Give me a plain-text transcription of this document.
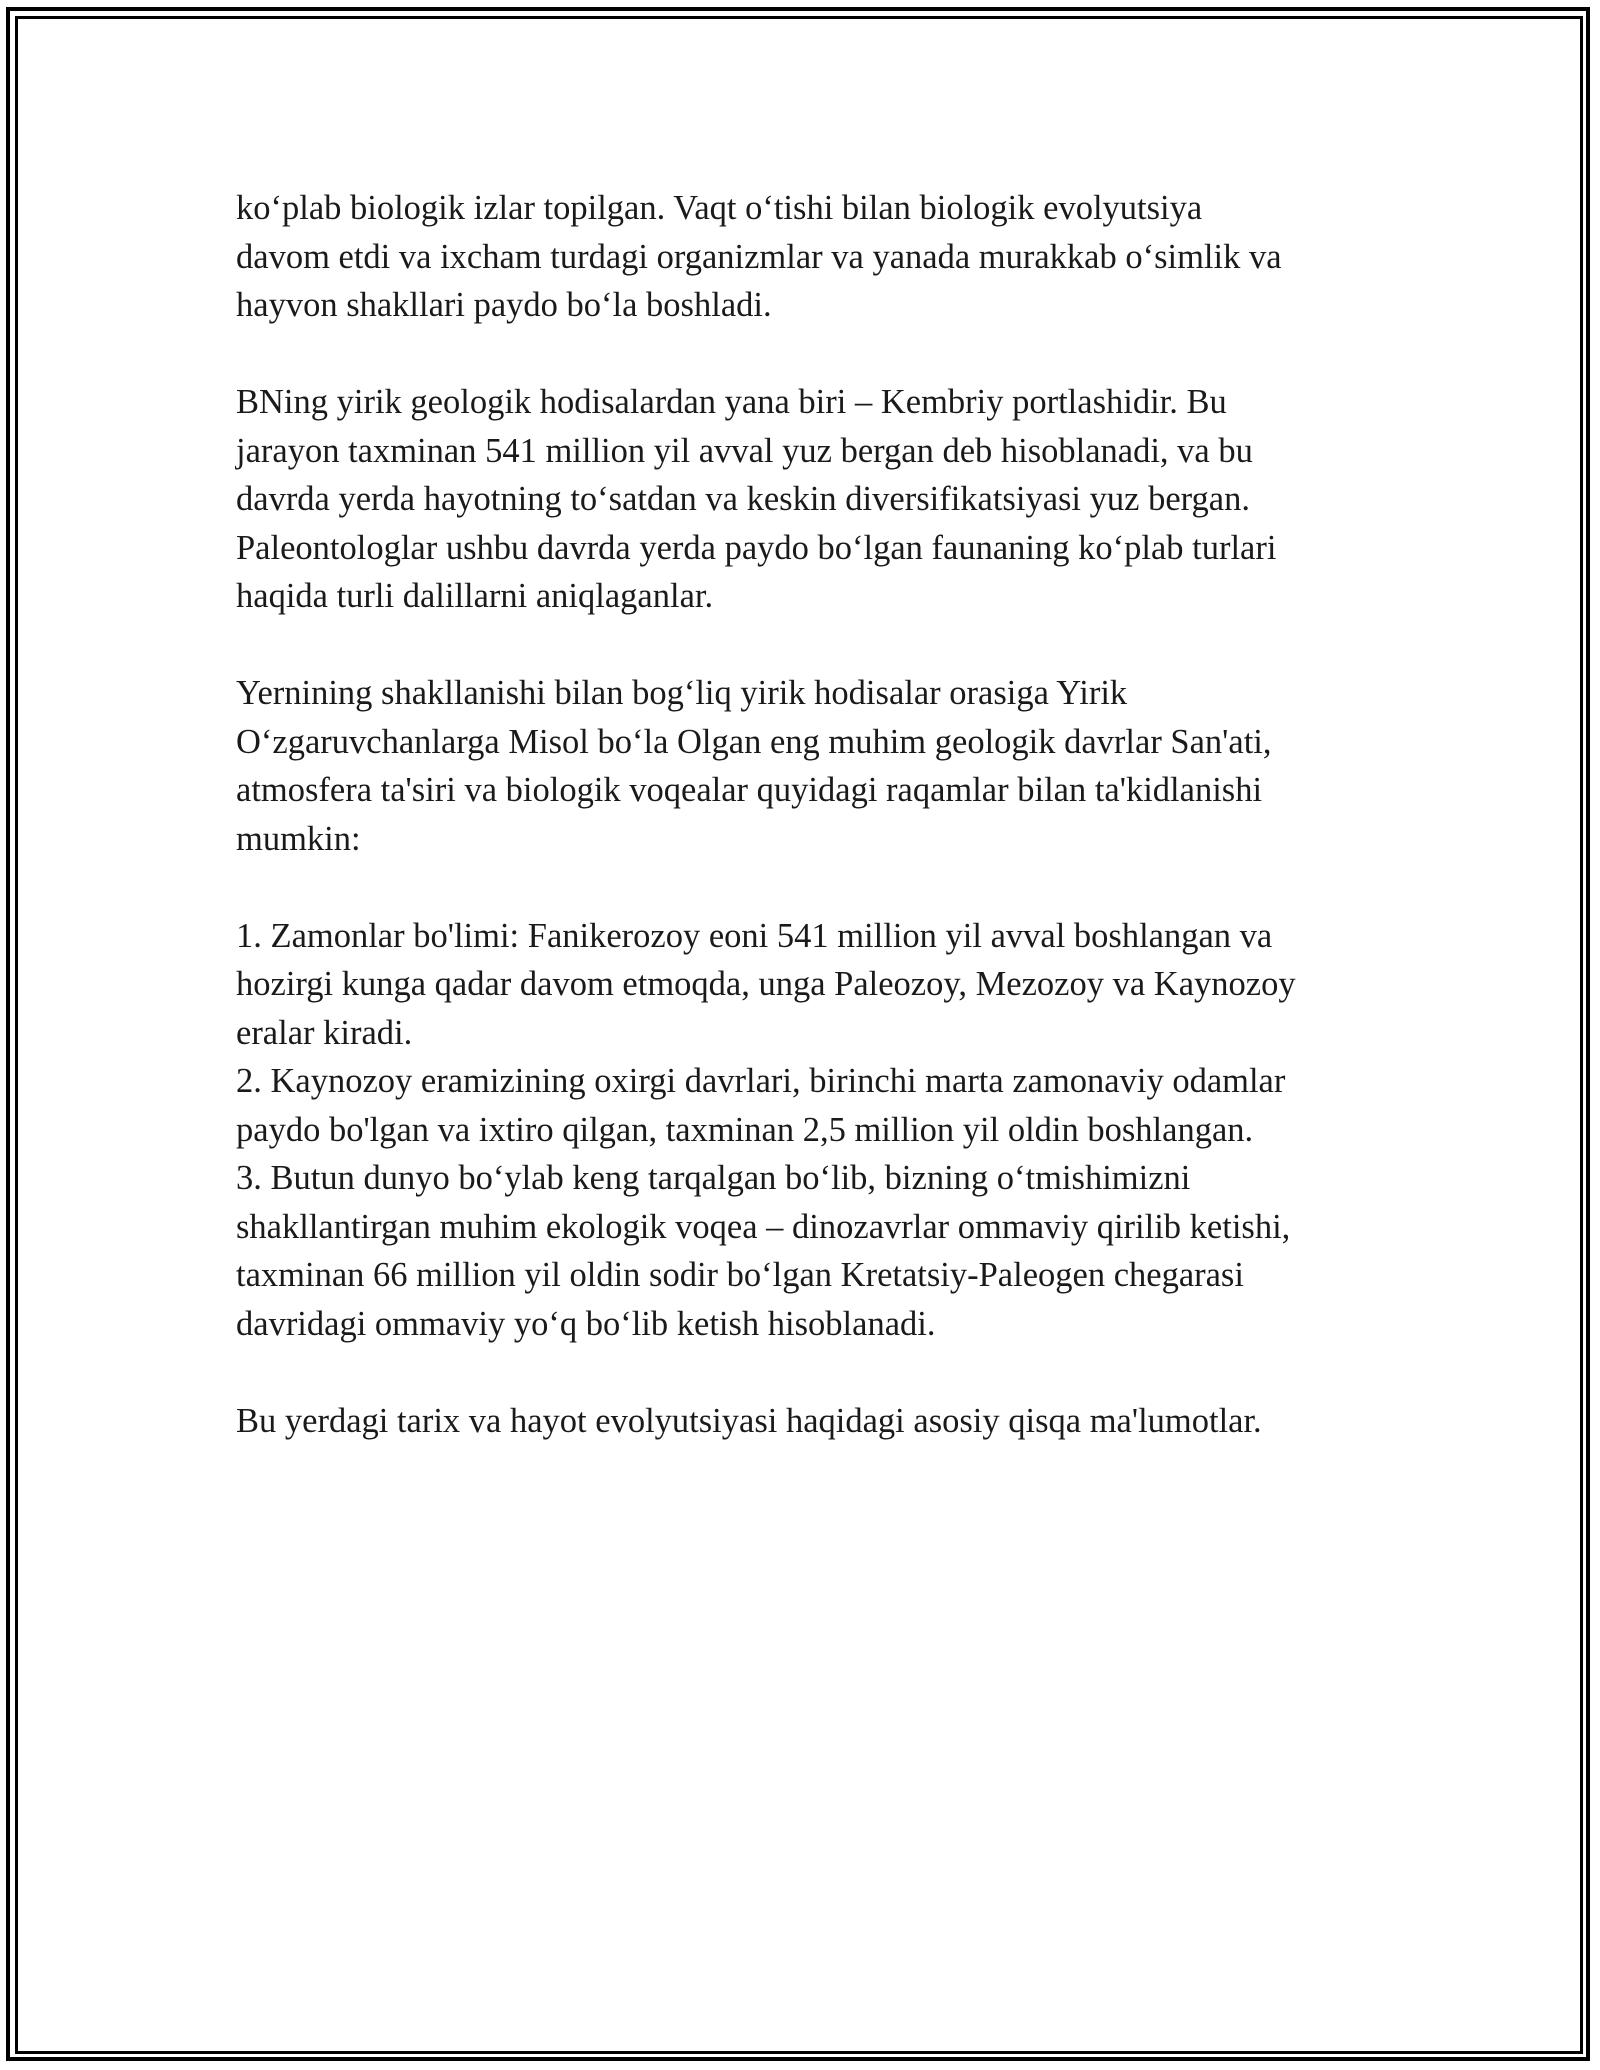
ko‘plab biologik izlar topilgan. Vaqt o‘tishi bilan biologik evolyutsiya
davom etdi va ixcham turdagi organizmlar va yanada murakkab o‘simlik va
hayvon shakllari paydo bo‘la boshladi.

BNing yirik geologik hodisalardan yana biri – Kembriy portlashidir. Bu
jarayon taxminan 541 million yil avval yuz bergan deb hisoblanadi, va bu
davrda yerda hayotning to‘satdan va keskin diversifikatsiyasi yuz bergan.
Paleontologlar ushbu davrda yerda paydo bo‘lgan faunaning ko‘plab turlari
haqida turli dalillarni aniqlaganlar.

Yernining shakllanishi bilan bog‘liq yirik hodisalar orasiga Yirik
O‘zgaruvchanlarga Misol bo‘la Olgan eng muhim geologik davrlar San'ati,
atmosfera ta'siri va biologik voqealar quyidagi raqamlar bilan ta'kidlanishi
mumkin:

1. Zamonlar bo'limi: Fanikerozoy eoni 541 million yil avval boshlangan va
hozirgi kunga qadar davom etmoqda, unga Paleozoy, Mezozoy va Kaynozoy
eralar kiradi.
2. Kaynozoy eramizining oxirgi davrlari, birinchi marta zamonaviy odamlar
paydo bo'lgan va ixtiro qilgan, taxminan 2,5 million yil oldin boshlangan.
3. Butun dunyo bo‘ylab keng tarqalgan bo‘lib, bizning o‘tmishimizni
shakllantirgan muhim ekologik voqea – dinozavrlar ommaviy qirilib ketishi,
taxminan 66 million yil oldin sodir bo‘lgan Kretatsiy-Paleogen chegarasi
davridagi ommaviy yo‘q bo‘lib ketish hisoblanadi.

Bu yerdagi tarix va hayot evolyutsiyasi haqidagi asosiy qisqa ma'lumotlar.
